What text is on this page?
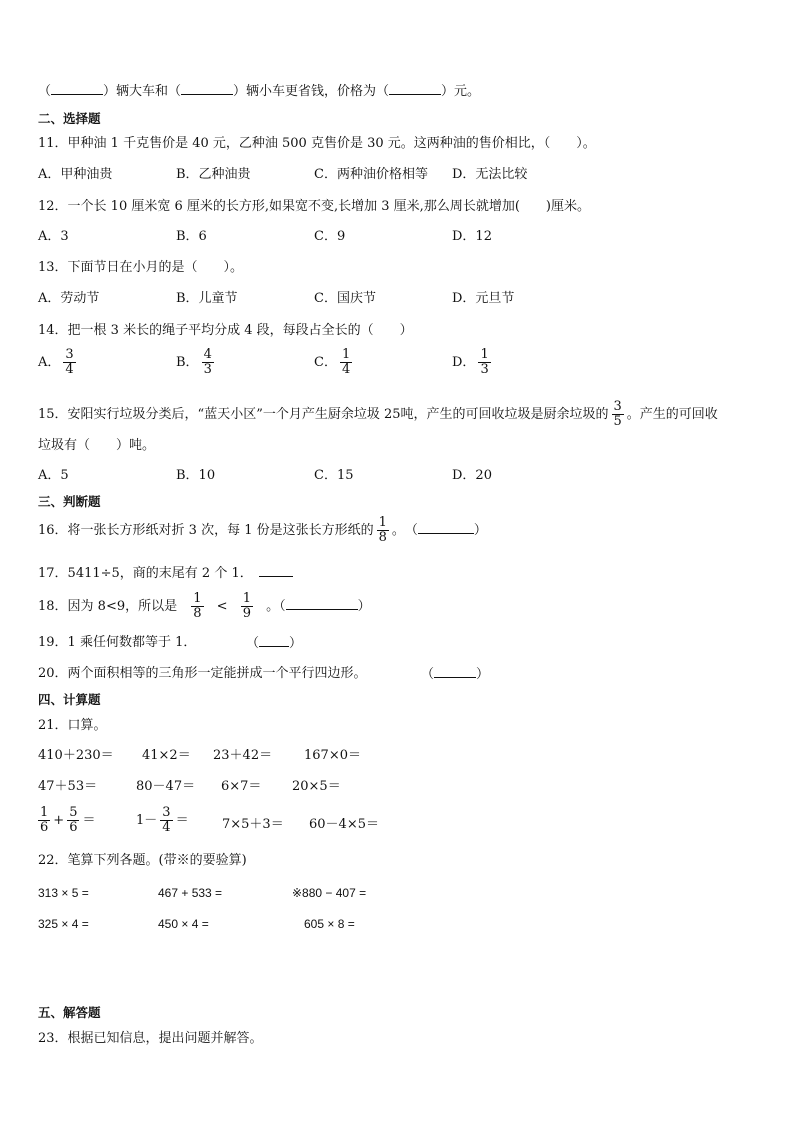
（	）辆大车和（	）辆小车更省钱，价格为（	）元。
二、选择题
11．甲种油 1 千克售价是 40 元，乙种油 500 克售价是 30 元。这两种油的售价相比，（　　）。
A．甲种油贵	B．乙种油贵	C．两种油价格相等 D．无法比较
12．一个长 10 厘米宽 6 厘米的长方形,如果宽不变,长增加 3 厘米,那么周长就增加(　　)厘米。
A．3	B．6	C．9	D．12
13．下面节日在小月的是（　　）。
A．劳动节	B．儿童节	C．国庆节	D．元旦节
14．把一根 3 米长的绳子平均分成 4 段，每段占全长的（　　）
A． $\frac{3}{4}$	B． $\frac{4}{3}$	C． $\frac{1}{4}$	D． $\frac{1}{3}$
15．安阳实行垃圾分类后，“蓝天小区”一个月产生厨余垃圾 25吨，产生的可回收垃圾是厨余垃圾的 $\frac{3}{5}$ 。产生的可回收
垃圾有（　　）吨。
A．5	B．10	C．15	D．20
三、判断题
16．将一张长方形纸对折 3 次，每 1 份是这张长方形纸的 $\frac{1}{8}$ 。　（	）
17．5411÷5，商的末尾有 2 个 1．
18．因为 8<9，所以是 $\frac{1}{8} < \frac{1}{9}$ 。（	）
19．1 乘任何数都等于 1．	（ ）
20．两个面积相等的三角形一定能拼成一个平行四边形。	（	）
四、计算题
21．口算。
410＋230＝ 41×2＝ 23＋42＝ 167×0＝
47＋53＝	80－47＝ 6×7＝ 20×5＝
$\frac{1}{6} + \frac{5}{6}$ ＝	$1- \frac{3}{4}$ ＝	7×5＋3＝ 60－4×5＝
22．笔算下列各题。(带※的要验算)
313 × 5 =	467 + 533 =	※880 − 407 =
325 × 4 =	450 × 4 =	605 × 8 =
五、解答题
23．根据已知信息，提出问题并解答。
